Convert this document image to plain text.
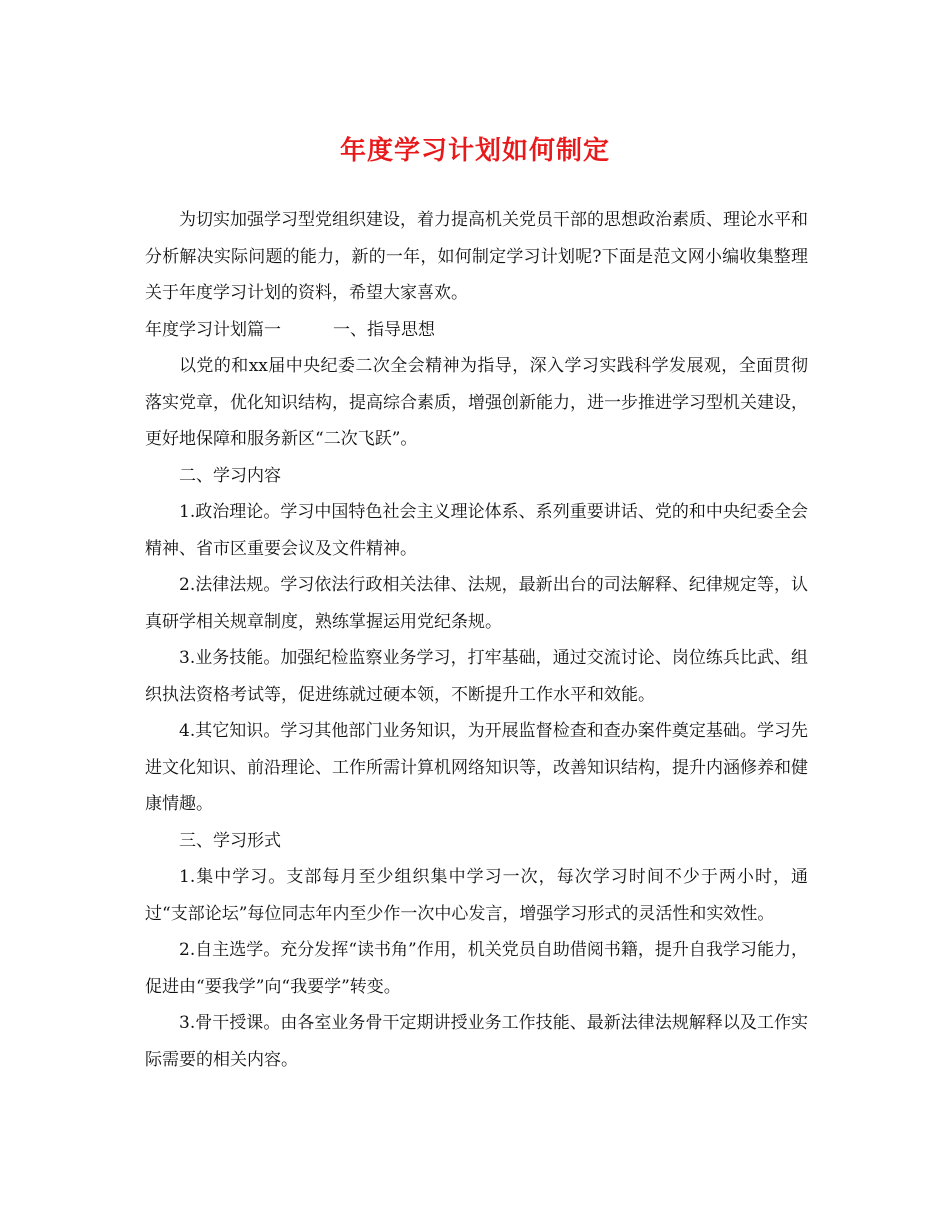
年度学习计划如何制定

为切实加强学习型党组织建设，着力提高机关党员干部的思想政治素质、理论水平和分析解决实际问题的能力，新的一年，如何制定学习计划呢?下面是范文网小编收集整理关于年度学习计划的资料，希望大家喜欢。

年度学习计划篇一	一、指导思想

以党的和xx届中央纪委二次全会精神为指导，深入学习实践科学发展观，全面贯彻落实党章，优化知识结构，提高综合素质，增强创新能力，进一步推进学习型机关建设，更好地保障和服务新区“二次飞跃”。

二、学习内容

1.政治理论。学习中国特色社会主义理论体系、系列重要讲话、党的和中央纪委全会精神、省市区重要会议及文件精神。

2.法律法规。学习依法行政相关法律、法规，最新出台的司法解释、纪律规定等，认真研学相关规章制度，熟练掌握运用党纪条规。

3.业务技能。加强纪检监察业务学习，打牢基础，通过交流讨论、岗位练兵比武、组织执法资格考试等，促进练就过硬本领，不断提升工作水平和效能。

4.其它知识。学习其他部门业务知识，为开展监督检查和查办案件奠定基础。学习先进文化知识、前沿理论、工作所需计算机网络知识等，改善知识结构，提升内涵修养和健康情趣。

三、学习形式

1.集中学习。支部每月至少组织集中学习一次，每次学习时间不少于两小时，通过“支部论坛”每位同志年内至少作一次中心发言，增强学习形式的灵活性和实效性。

2.自主选学。充分发挥“读书角”作用，机关党员自助借阅书籍，提升自我学习能力，促进由“要我学”向“我要学”转变。

3.骨干授课。由各室业务骨干定期讲授业务工作技能、最新法律法规解释以及工作实际需要的相关内容。
